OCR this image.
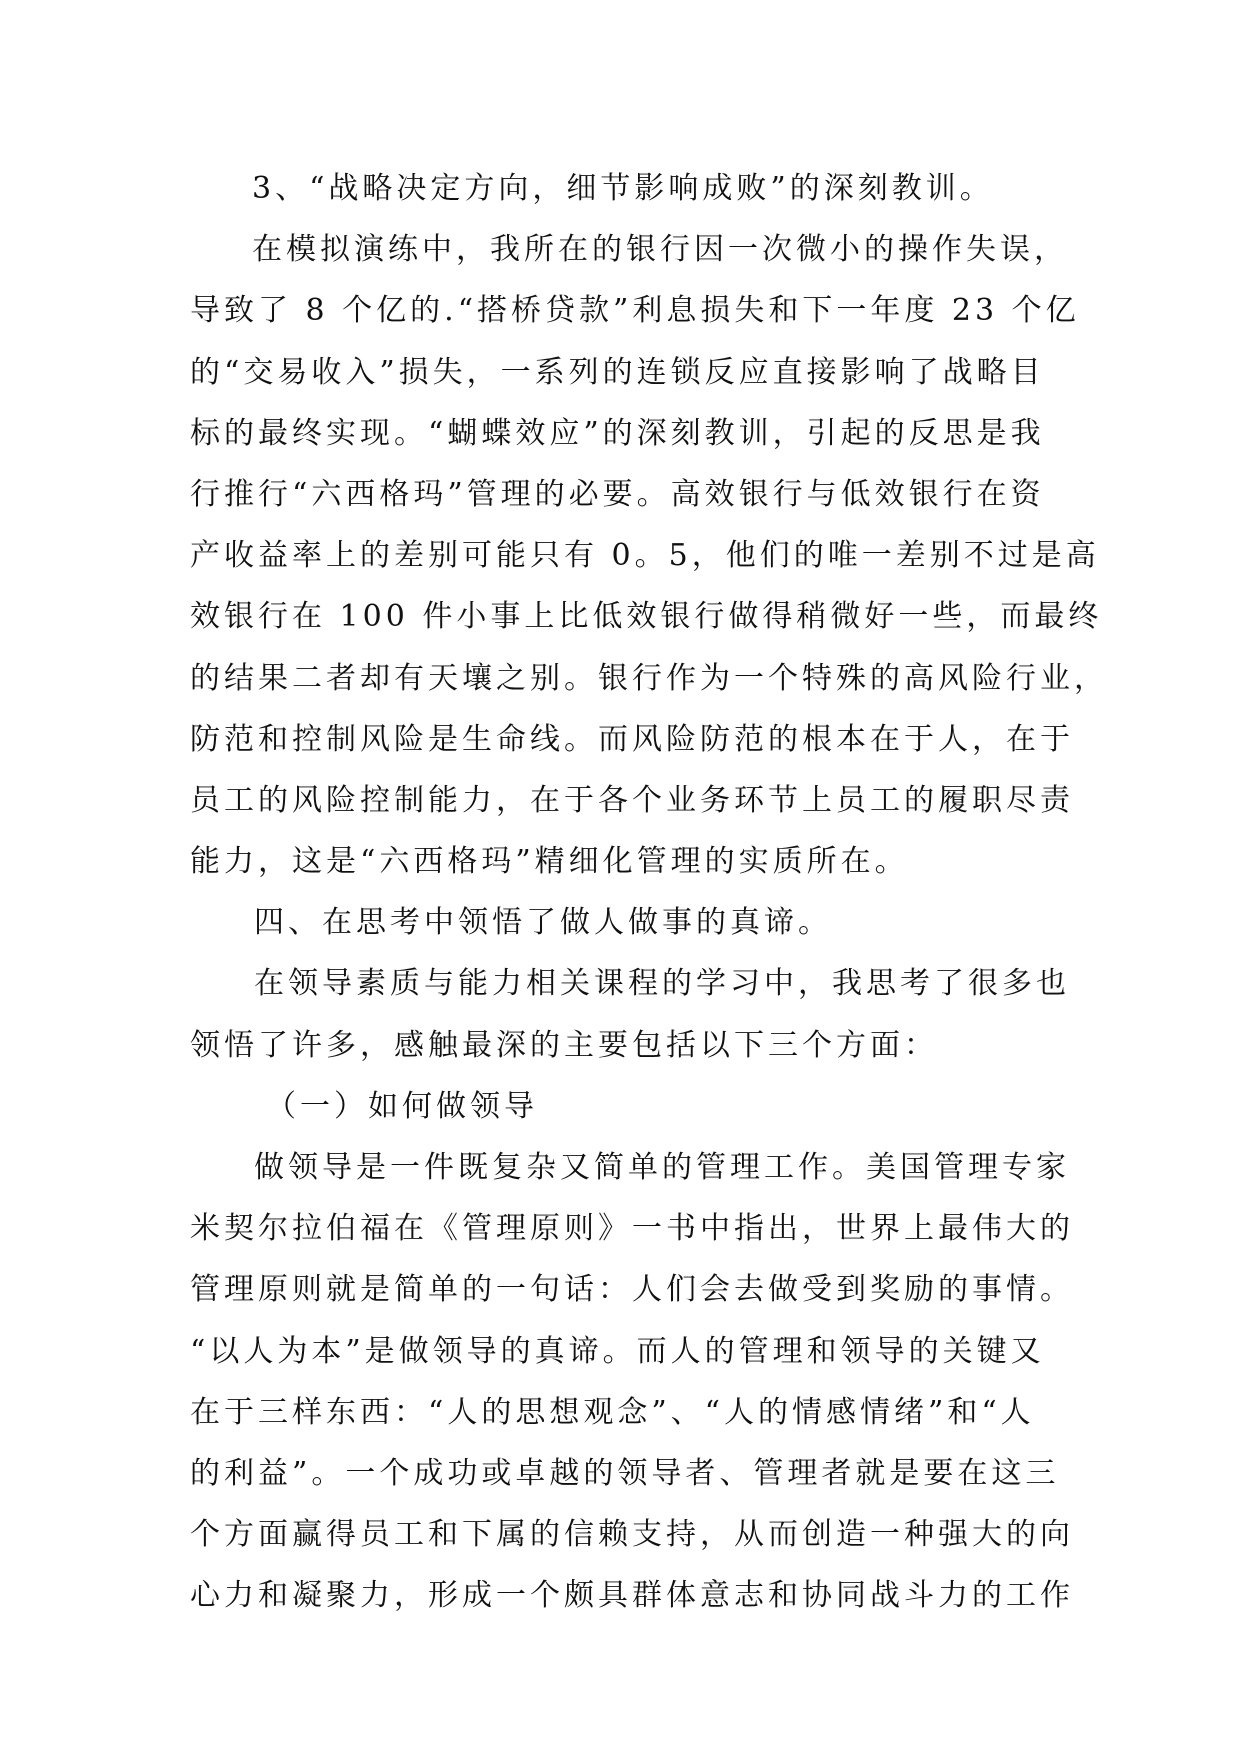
3、“战略决定方向，细节影响成败”的深刻教训。
在模拟演练中，我所在的银行因一次微小的操作失误，
导致了 8 个亿的.“搭桥贷款”利息损失和下一年度 23 个亿
的“交易收入”损失，一系列的连锁反应直接影响了战略目
标的最终实现。“蝴蝶效应”的深刻教训，引起的反思是我
行推行“六西格玛”管理的必要。高效银行与低效银行在资
产收益率上的差别可能只有 0。5，他们的唯一差别不过是高
效银行在 100 件小事上比低效银行做得稍微好一些，而最终
的结果二者却有天壤之别。银行作为一个特殊的高风险行业，
防范和控制风险是生命线。而风险防范的根本在于人，在于
员工的风险控制能力，在于各个业务环节上员工的履职尽责
能力，这是“六西格玛”精细化管理的实质所在。
四、在思考中领悟了做人做事的真谛。
在领导素质与能力相关课程的学习中，我思考了很多也
领悟了许多，感触最深的主要包括以下三个方面：
（一）如何做领导
做领导是一件既复杂又简单的管理工作。美国管理专家
米契尔拉伯福在《管理原则》一书中指出，世界上最伟大的
管理原则就是简单的一句话：人们会去做受到奖励的事情。
“以人为本”是做领导的真谛。而人的管理和领导的关键又
在于三样东西：“人的思想观念”、“人的情感情绪”和“人
的利益”。一个成功或卓越的领导者、管理者就是要在这三
个方面赢得员工和下属的信赖支持，从而创造一种强大的向
心力和凝聚力，形成一个颇具群体意志和协同战斗力的工作
